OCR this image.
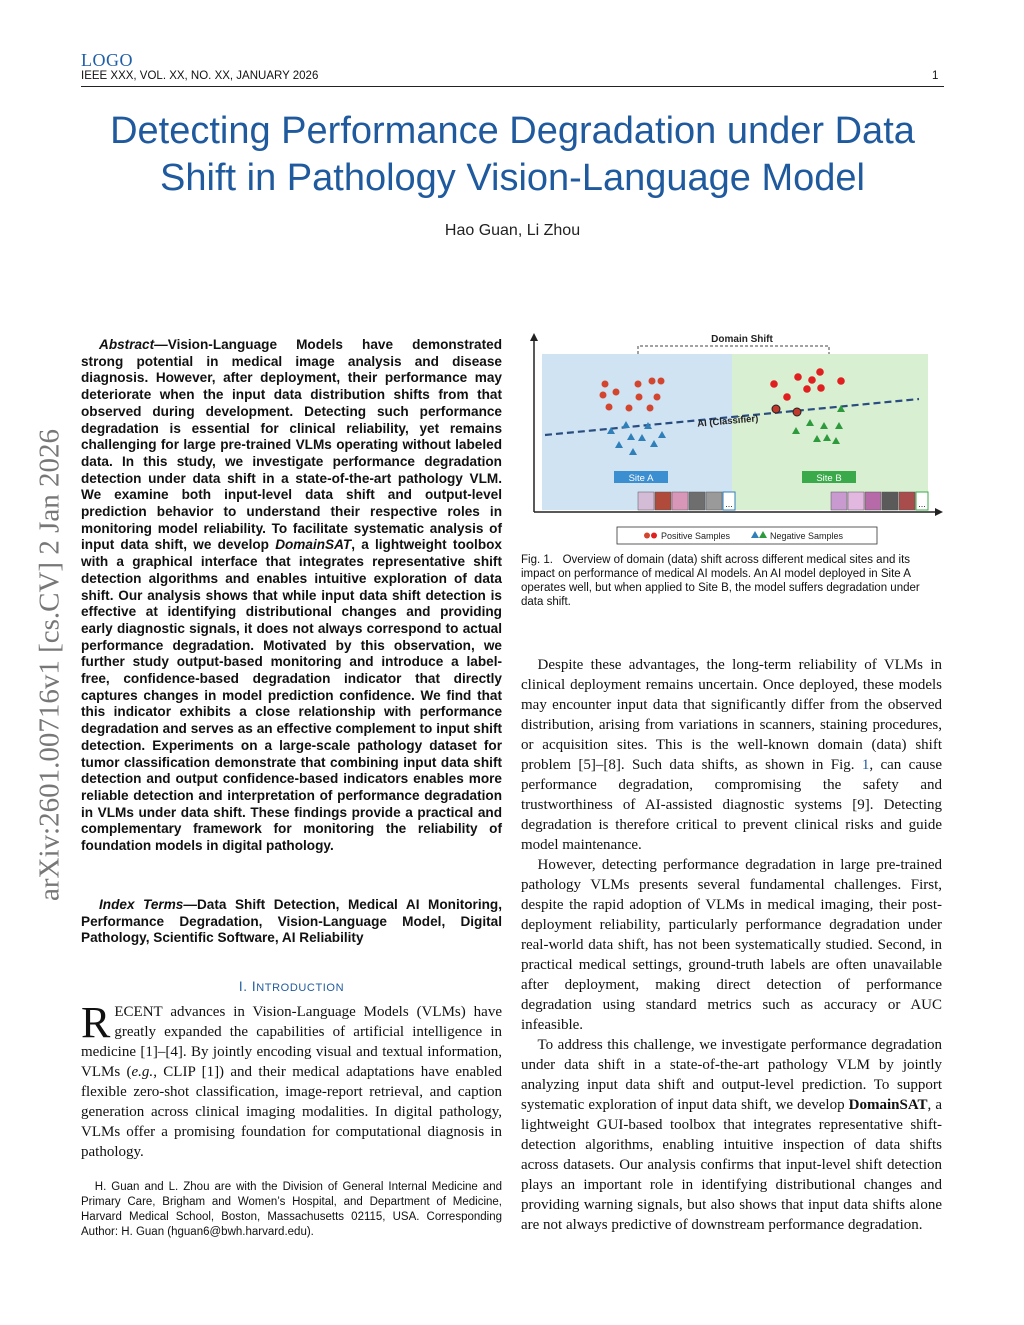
LOGO
IEEE XXX, VOL. XX, NO. XX, JANUARY 2026	1
Detecting Performance Degradation under Data Shift in Pathology Vision-Language Model
Hao Guan, Li Zhou
arXiv:2601.00716v1 [cs.CV] 2 Jan 2026
Abstract—Vision-Language Models have demonstrated strong potential in medical image analysis and disease diagnosis. However, after deployment, their performance may deteriorate when the input data distribution shifts from that observed during development. Detecting such performance degradation is essential for clinical reliability, yet remains challenging for large pre-trained VLMs operating without labeled data. In this study, we investigate performance degradation detection under data shift in a state-of-the-art pathology VLM. We examine both input-level data shift and output-level prediction behavior to understand their respective roles in monitoring model reliability. To facilitate systematic analysis of input data shift, we develop DomainSAT, a lightweight toolbox with a graphical interface that integrates representative shift detection algorithms and enables intuitive exploration of data shift. Our analysis shows that while input data shift detection is effective at identifying distributional changes and providing early diagnostic signals, it does not always correspond to actual performance degradation. Motivated by this observation, we further study output-based monitoring and introduce a label-free, confidence-based degradation indicator that directly captures changes in model prediction confidence. We find that this indicator exhibits a close relationship with performance degradation and serves as an effective complement to input shift detection. Experiments on a large-scale pathology dataset for tumor classification demonstrate that combining input data shift detection and output confidence-based indicators enables more reliable detection and interpretation of performance degradation in VLMs under data shift. These findings provide a practical and complementary framework for monitoring the reliability of foundation models in digital pathology.
Index Terms—Data Shift Detection, Medical AI Monitoring, Performance Degradation, Vision-Language Model, Digital Pathology, Scientific Software, AI Reliability
I. INTRODUCTION
RECENT advances in Vision-Language Models (VLMs) have greatly expanded the capabilities of artificial intelligence in medicine [1]–[4]. By jointly encoding visual and textual information, VLMs (e.g., CLIP [1]) and their medical adaptations have enabled flexible zero-shot classification, image-report retrieval, and caption generation across clinical imaging modalities. In digital pathology, VLMs offer a promising foundation for computational diagnosis in pathology.

H. Guan and L. Zhou are with the Division of General Internal Medicine and Primary Care, Brigham and Women’s Hospital, and Department of Medicine, Harvard Medical School, Boston, Massachusetts 02115, USA. Corresponding Author: H. Guan (hguan6@bwh.harvard.edu).

Domain Shift
AI (Classifier)
Site A	Site B
...	...
Positive Samples	Negative Samples
Fig. 1. Overview of domain (data) shift across different medical sites and its impact on performance of medical AI models. An AI model deployed in Site A operates well, but when applied to Site B, the model suffers degradation under data shift.

Despite these advantages, the long-term reliability of VLMs in clinical deployment remains uncertain. Once deployed, these models may encounter input data that significantly differ from the observed distribution, arising from variations in scanners, staining procedures, or acquisition sites. This is the well-known domain (data) shift problem [5]–[8]. Such data shifts, as shown in Fig. 1, can cause performance degradation, compromising the safety and trustworthiness of AI-assisted diagnostic systems [9]. Detecting degradation is therefore critical to prevent clinical risks and guide model maintenance.

However, detecting performance degradation in large pre-trained pathology VLMs presents several fundamental challenges. First, despite the rapid adoption of VLMs in medical imaging, their post-deployment reliability, particularly performance degradation under real-world data shift, has not been systematically studied. Second, in practical medical settings, ground-truth labels are often unavailable after deployment, making direct detection of performance degradation using standard metrics such as accuracy or AUC infeasible.

To address this challenge, we investigate performance degradation under data shift in a state-of-the-art pathology VLM by jointly analyzing input data shift and output-level prediction. To support systematic exploration of input data shift, we develop DomainSAT, a lightweight GUI-based toolbox that integrates representative shift-detection algorithms, enabling intuitive inspection of data shifts across datasets. Our analysis confirms that input-level shift detection plays an important role in identifying distributional changes and providing warning signals, but also shows that input data shifts alone are not always predictive of downstream performance degradation.
